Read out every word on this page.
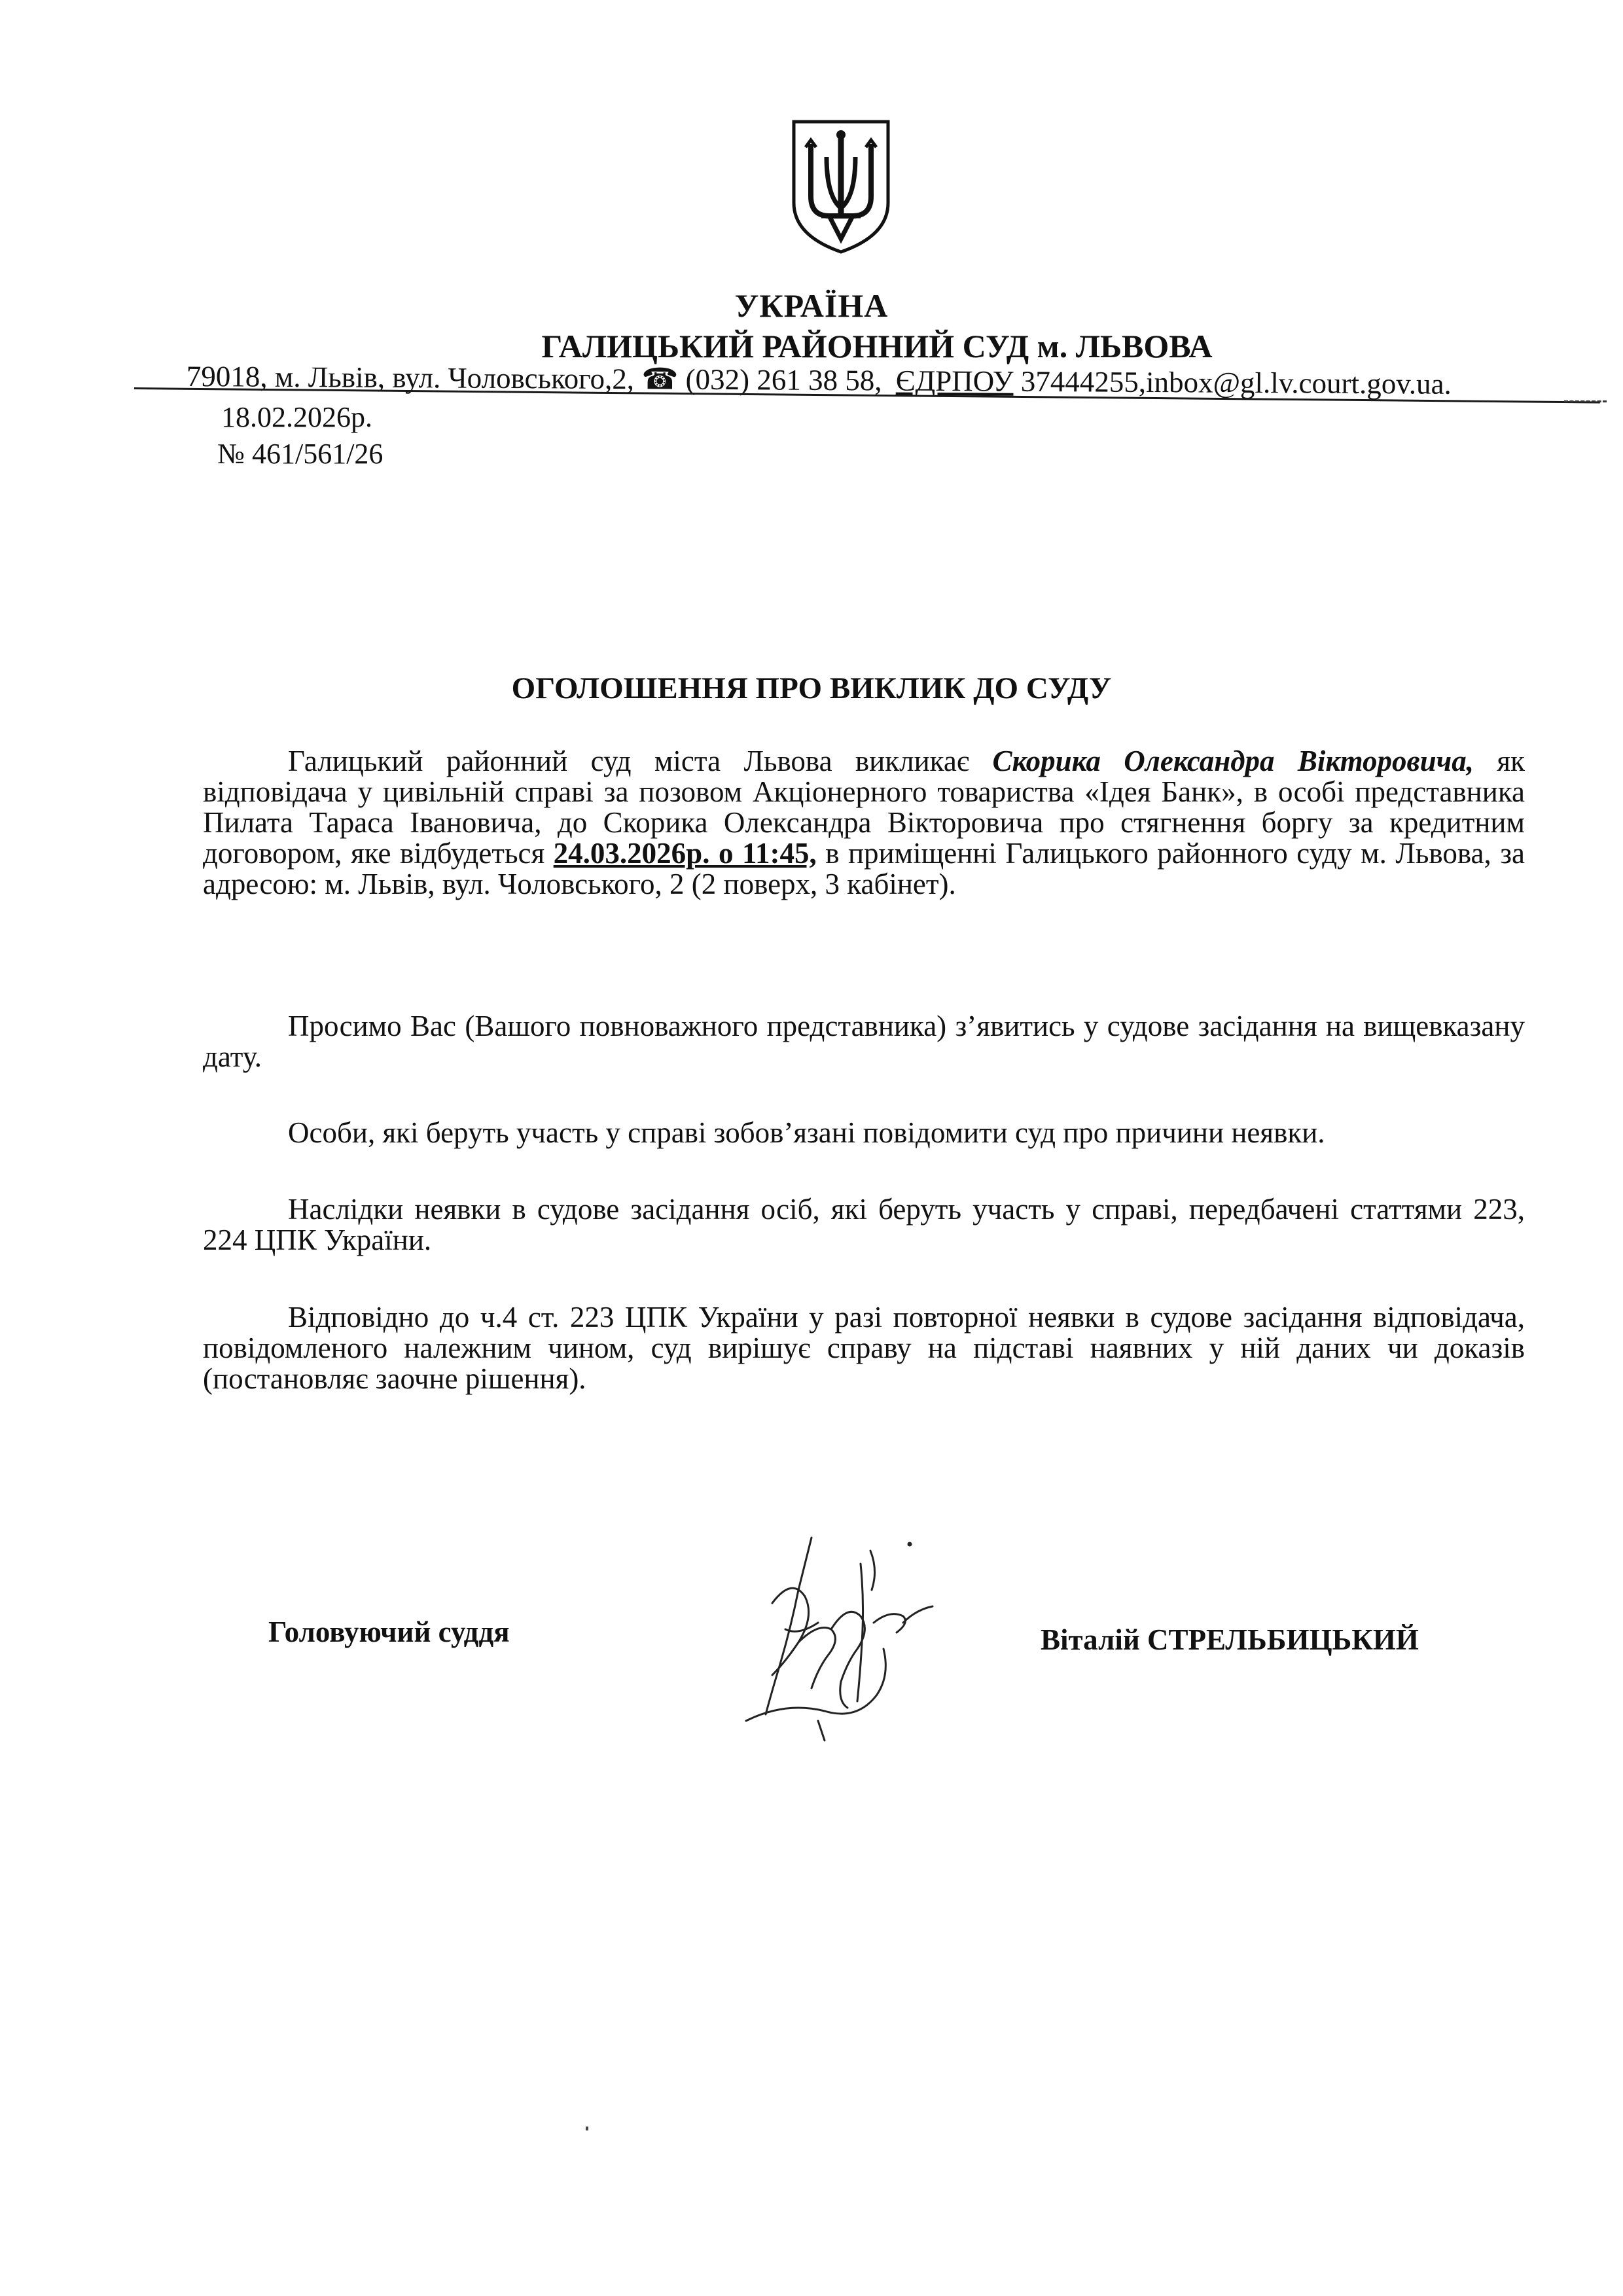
УКРАЇНА
ГАЛИЦЬКИЙ РАЙОННИЙ СУД м. ЛЬВОВА
79018, м. Львів, вул. Чоловського,2, ☎ (032) 261 38 58, ЄДРПОУ 37444255,inbox@gl.lv.court.gov.ua.
18.02.2026р.
№ 461/561/26
ОГОЛОШЕННЯ ПРО ВИКЛИК ДО СУДУ
Галицький районний суд міста Львова викликає Скорика Олександра Вікторовича, як відповідача у цивільній справі за позовом Акціонерного товариства «Ідея Банк», в особі представника Пилата Тараса Івановича, до Скорика Олександра Вікторовича про стягнення боргу за кредитним договором, яке відбудеться 24.03.2026р. о 11:45, в приміщенні Галицького районного суду м. Львова, за адресою: м. Львів, вул. Чоловського, 2 (2 поверх, 3 кабінет).
Просимо Вас (Вашого повноважного представника) з’явитись у судове засідання на вищевказану дату.
Особи, які беруть участь у справі зобов’язані повідомити суд про причини неявки.
Наслідки неявки в судове засідання осіб, які беруть участь у справі, передбачені статтями 223, 224 ЦПК України.
Відповідно до ч.4 ст. 223 ЦПК України у разі повторної неявки в судове засідання відповідача, повідомленого належним чином, суд вирішує справу на підставі наявних у ній даних чи доказів (постановляє заочне рішення).
Головуючий суддя	Віталій СТРЕЛЬБИЦЬКИЙ
